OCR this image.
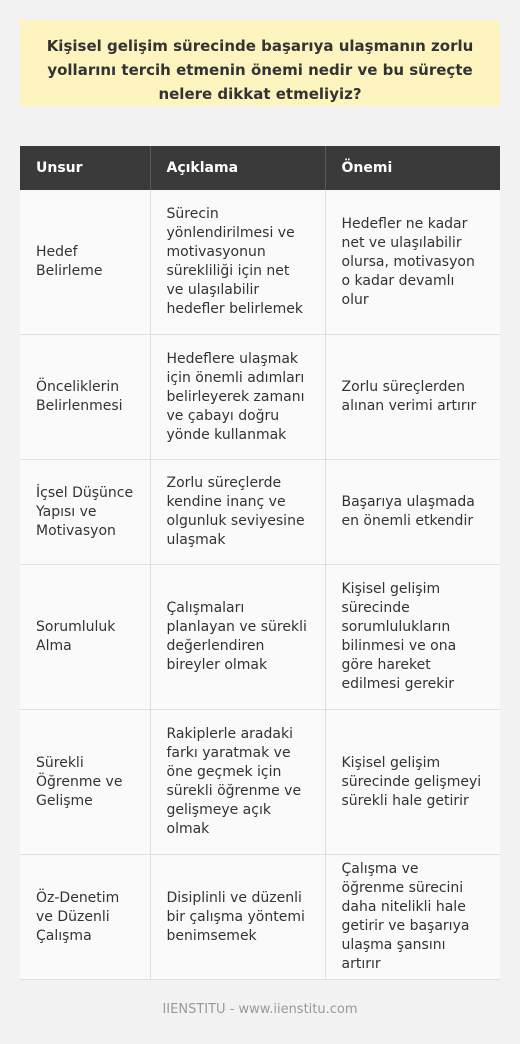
Kişisel gelişim sürecinde başarıya ulaşmanın zorlu yollarını tercih etmenin önemi nedir ve bu süreçte nelere dikkat etmeliyiz?
Unsur	Açıklama	Önemi
Hedef Belirleme	Sürecin yönlendirilmesi ve motivasyonun sürekliliği için net ve ulaşılabilir hedefler belirlemek	Hedefler ne kadar net ve ulaşılabilir olursa, motivasyon o kadar devamlı olur
Önceliklerin Belirlenmesi	Hedeflere ulaşmak için önemli adımları belirleyerek zamanı ve çabayı doğru yönde kullanmak	Zorlu süreçlerden alınan verimi artırır
İçsel Düşünce Yapısı ve Motivasyon	Zorlu süreçlerde kendine inanç ve olgunluk seviyesine ulaşmak	Başarıya ulaşmada en önemli etkendir
Sorumluluk Alma	Çalışmaları planlayan ve sürekli değerlendiren bireyler olmak	Kişisel gelişim sürecinde sorumlulukların bilinmesi ve ona göre hareket edilmesi gerekir
Sürekli Öğrenme ve Gelişme	Rakiplerle aradaki farkı yaratmak ve öne geçmek için sürekli öğrenme ve gelişmeye açık olmak	Kişisel gelişim sürecinde gelişmeyi sürekli hale getirir
Öz-Denetim ve Düzenli Çalışma	Disiplinli ve düzenli bir çalışma yöntemi benimsemek	Çalışma ve öğrenme sürecini daha nitelikli hale getirir ve başarıya ulaşma şansını artırır
IIENSTITU - www.iienstitu.com
